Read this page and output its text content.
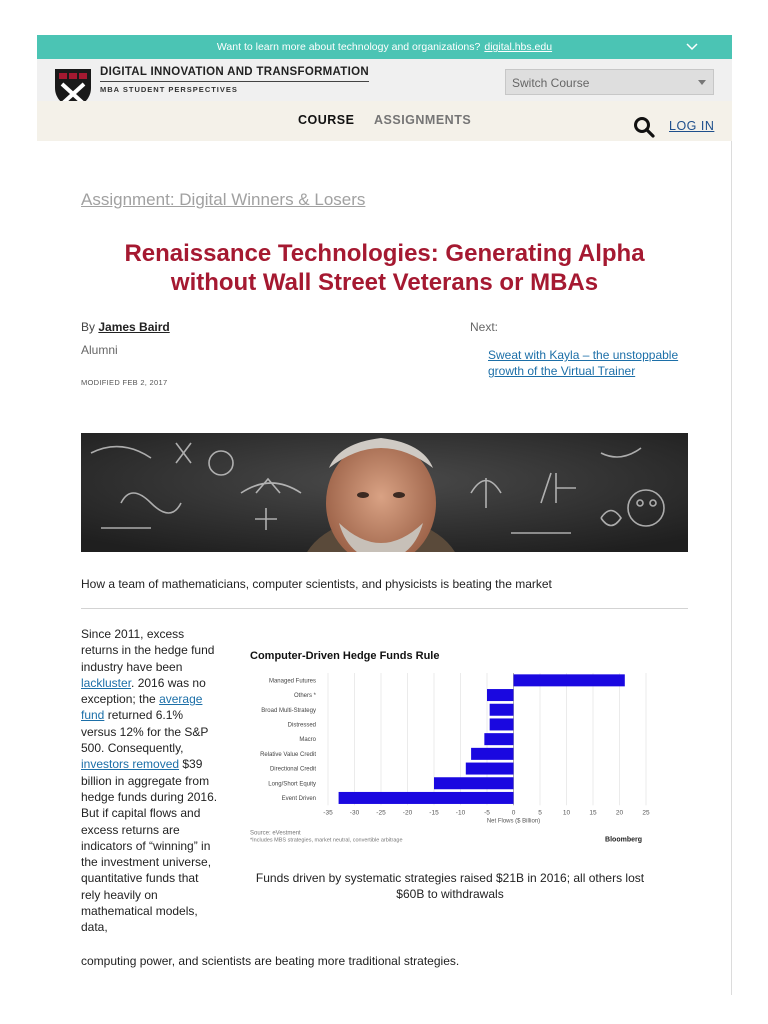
Want to learn more about technology and organizations? digital.hbs.edu
DIGITAL INNOVATION AND TRANSFORMATION
MBA STUDENT PERSPECTIVES	Switch Course
COURSE ASSIGNMENTS	LOG IN
Assignment: Digital Winners & Losers
Renaissance Technologies: Generating Alpha without Wall Street Veterans or MBAs
By James Baird
Alumni
MODIFIED FEB 2, 2017
Next:
Sweat with Kayla – the unstoppable growth of the Virtual Trainer
How a team of mathematicians, computer scientists, and physicists is beating the market
Since 2011, excess returns in the hedge fund industry have been lackluster. 2016 was no exception; the average fund returned 6.1% versus 12% for the S&P 500. Consequently, investors removed $39 billion in aggregate from hedge funds during 2016. But if capital flows and excess returns are indicators of “winning” in the investment universe, quantitative funds that rely heavily on mathematical models, data,
computing power, and scientists are beating more traditional strategies.
Computer-Driven Hedge Funds Rule
-35	-30	-25	-20	-15	-10	-5	0	5	10	15	20	25
Managed Futures
Others *
Broad Multi-Strategy
Distressed
Macro
Relative Value Credit
Directional Credit
Long/Short Equity
Event Driven
Net Flows ($ Billion)
Source: eVestment
*Includes MBS strategies, market neutral, convertible arbitrage	Bloomberg
Funds driven by systematic strategies raised $21B in 2016; all others lost $60B to withdrawals
